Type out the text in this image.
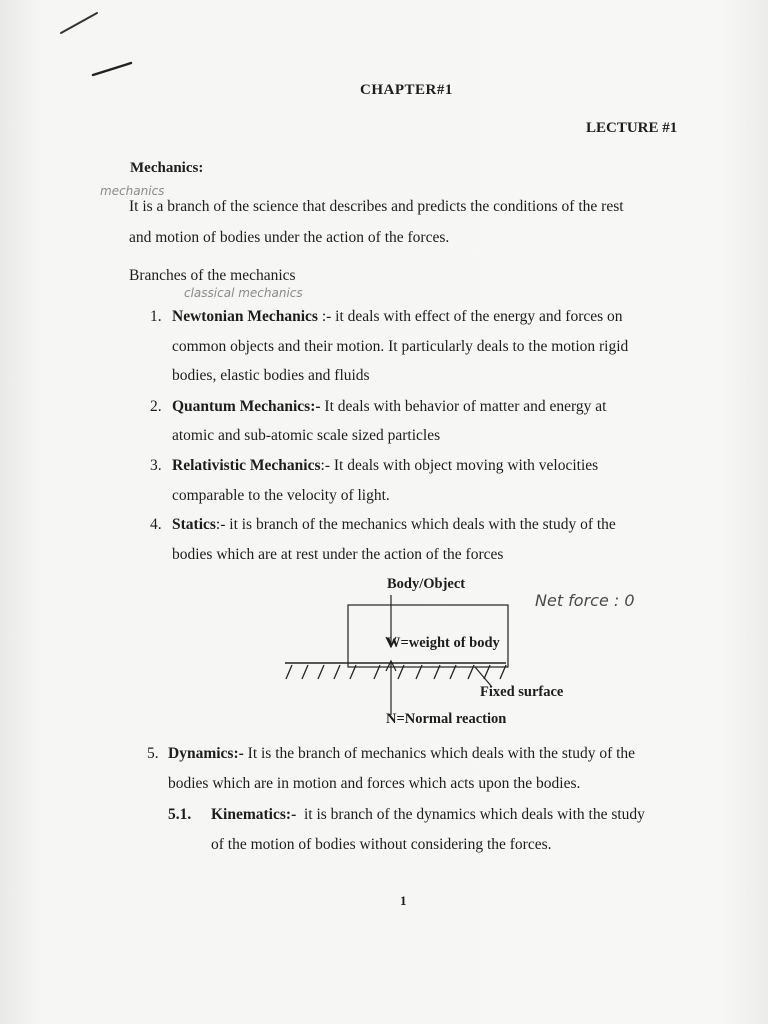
CHAPTER#1
LECTURE #1
Mechanics:
mechanics
It is a branch of the science that describes and predicts the conditions of the rest
and motion of bodies under the action of the forces.
Branches of the mechanics
classical mechanics
1. Newtonian Mechanics :- it deals with effect of the energy and forces on
common objects and their motion. It particularly deals to the motion rigid
bodies, elastic bodies and fluids
2. Quantum Mechanics:- It deals with behavior of matter and energy at
atomic and sub-atomic scale sized particles
3. Relativistic Mechanics:- It deals with object moving with velocities
comparable to the velocity of light.
4. Statics:- it is branch of the mechanics which deals with the study of the
bodies which are at rest under the action of the forces
Body/Object
W=weight of body
Fixed surface
N=Normal reaction
Net force : 0
5. Dynamics:- It is the branch of mechanics which deals with the study of the
bodies which are in motion and forces which acts upon the bodies.
5.1. Kinematics:-  it is branch of the dynamics which deals with the study
of the motion of bodies without considering the forces.
1
